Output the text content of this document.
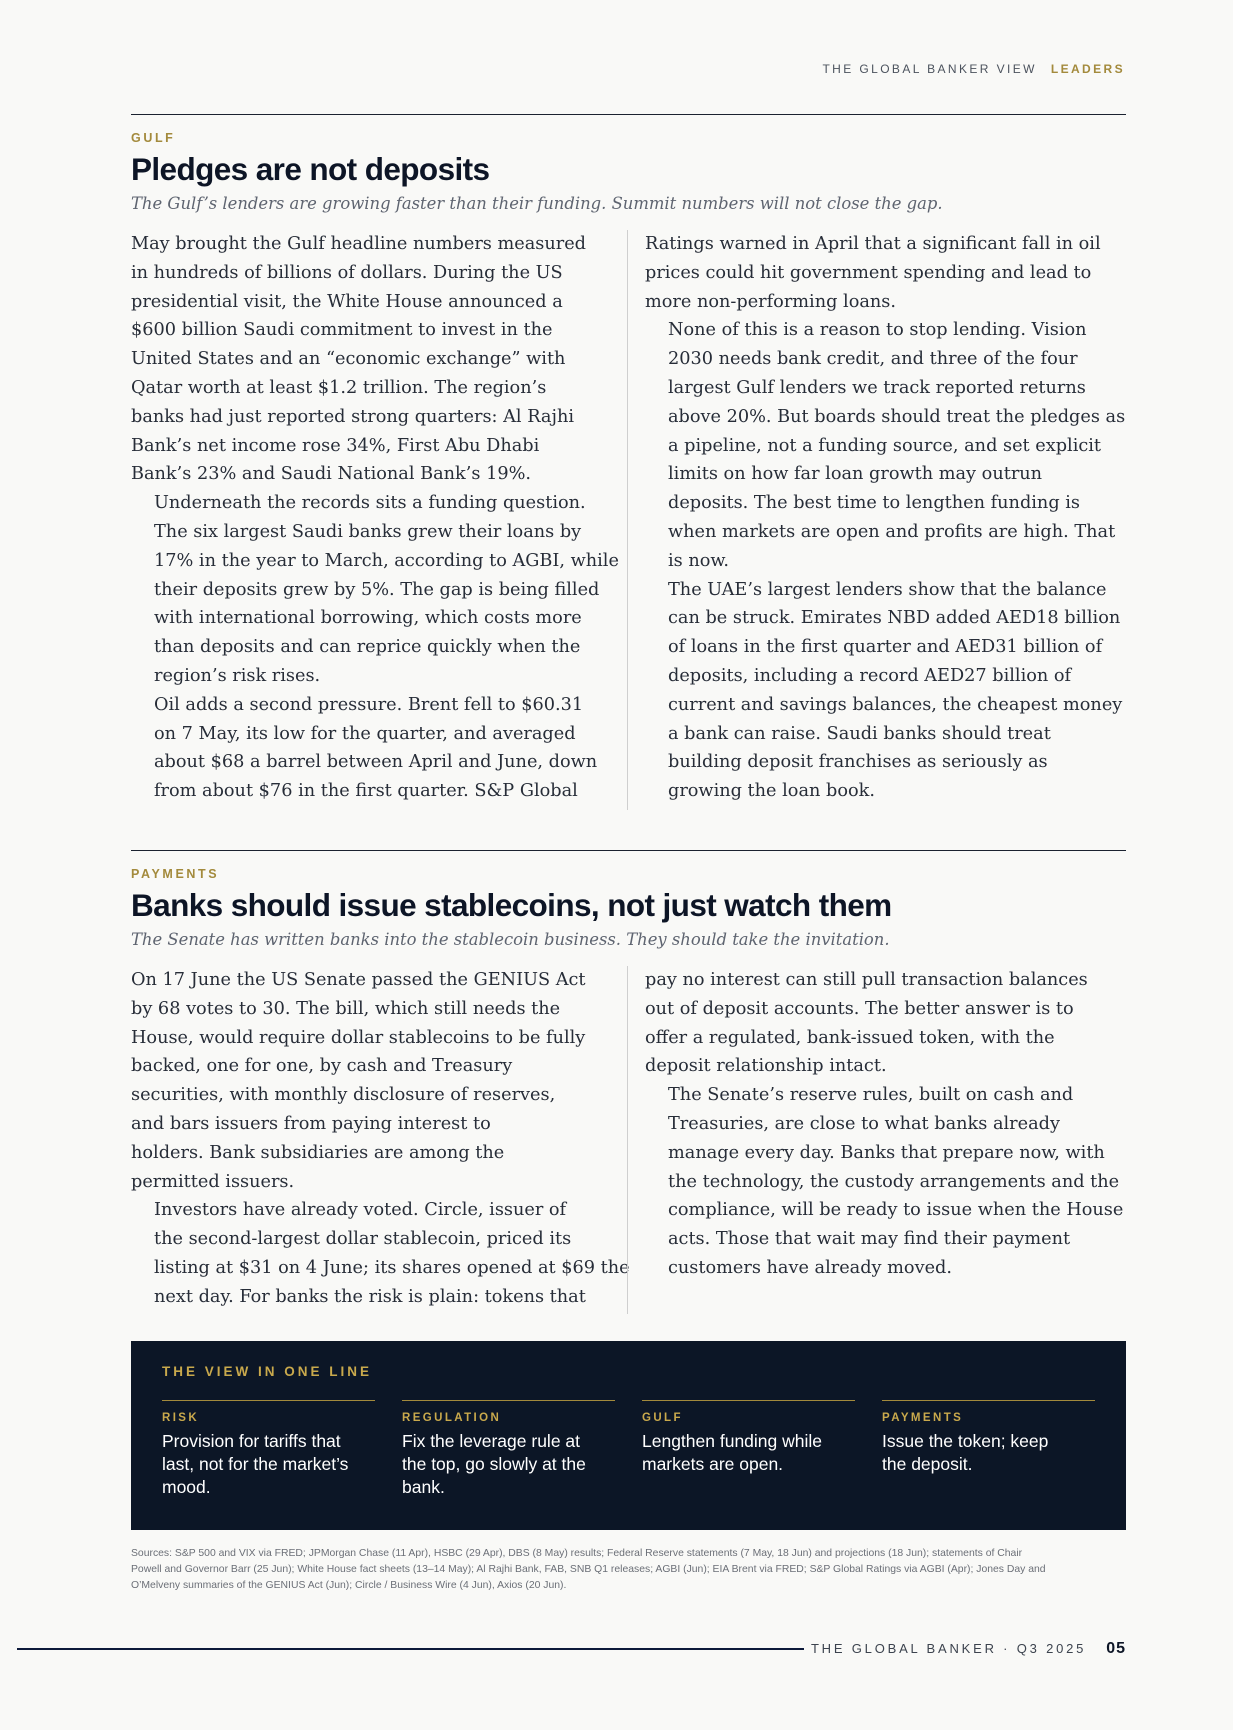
THE GLOBAL BANKER VIEW LEADERS
GULF
Pledges are not deposits
The Gulf’s lenders are growing faster than their funding. Summit numbers will not close the gap.

May brought the Gulf headline numbers measured
in hundreds of billions of dollars. During the US
presidential visit, the White House announced a
$600 billion Saudi commitment to invest in the
United States and an “economic exchange” with
Qatar worth at least $1.2 trillion. The region’s
banks had just reported strong quarters: Al Rajhi
Bank’s net income rose 34%, First Abu Dhabi
Bank’s 23% and Saudi National Bank’s 19%.

Underneath the records sits a funding question.
The six largest Saudi banks grew their loans by
17% in the year to March, according to AGBI, while
their deposits grew by 5%. The gap is being filled
with international borrowing, which costs more
than deposits and can reprice quickly when the
region’s risk rises.

Oil adds a second pressure. Brent fell to $60.31
on 7 May, its low for the quarter, and averaged
about $68 a barrel between April and June, down
from about $76 in the first quarter. S&P Global

Ratings warned in April that a significant fall in oil
prices could hit government spending and lead to
more non-performing loans.

None of this is a reason to stop lending. Vision
2030 needs bank credit, and three of the four
largest Gulf lenders we track reported returns
above 20%. But boards should treat the pledges as
a pipeline, not a funding source, and set explicit
limits on how far loan growth may outrun
deposits. The best time to lengthen funding is
when markets are open and profits are high. That
is now.

The UAE’s largest lenders show that the balance
can be struck. Emirates NBD added AED18 billion
of loans in the first quarter and AED31 billion of
deposits, including a record AED27 billion of
current and savings balances, the cheapest money
a bank can raise. Saudi banks should treat
building deposit franchises as seriously as
growing the loan book.

PAYMENTS
Banks should issue stablecoins, not just watch them
The Senate has written banks into the stablecoin business. They should take the invitation.

On 17 June the US Senate passed the GENIUS Act
by 68 votes to 30. The bill, which still needs the
House, would require dollar stablecoins to be fully
backed, one for one, by cash and Treasury
securities, with monthly disclosure of reserves,
and bars issuers from paying interest to
holders. Bank subsidiaries are among the
permitted issuers.

Investors have already voted. Circle, issuer of
the second-largest dollar stablecoin, priced its
listing at $31 on 4 June; its shares opened at $69 the
next day. For banks the risk is plain: tokens that

pay no interest can still pull transaction balances
out of deposit accounts. The better answer is to
offer a regulated, bank-issued token, with the
deposit relationship intact.

The Senate’s reserve rules, built on cash and
Treasuries, are close to what banks already
manage every day. Banks that prepare now, with
the technology, the custody arrangements and the
compliance, will be ready to issue when the House
acts. Those that wait may find their payment
customers have already moved.

THE VIEW IN ONE LINE
RISK
Provision for tariffs that
last, not for the market’s
mood.
REGULATION
Fix the leverage rule at
the top, go slowly at the
bank.
GULF
Lengthen funding while
markets are open.
PAYMENTS
Issue the token; keep
the deposit.
Sources: S&P 500 and VIX via FRED; JPMorgan Chase (11 Apr), HSBC (29 Apr), DBS (8 May) results; Federal Reserve statements (7 May, 18 Jun) and projections (18 Jun); statements of Chair
Powell and Governor Barr (25 Jun); White House fact sheets (13–14 May); Al Rajhi Bank, FAB, SNB Q1 releases; AGBI (Jun); EIA Brent via FRED; S&P Global Ratings via AGBI (Apr); Jones Day and
O’Melveny summaries of the GENIUS Act (Jun); Circle / Business Wire (4 Jun), Axios (20 Jun).
THE GLOBAL BANKER · Q3 2025 05
